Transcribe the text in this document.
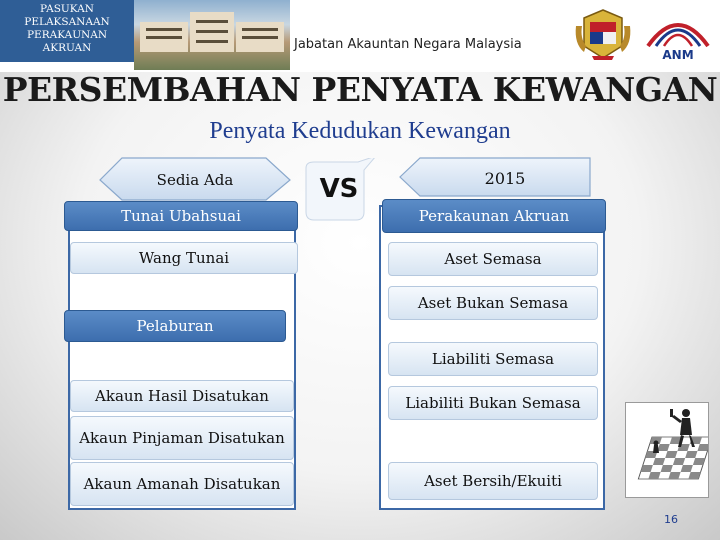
PASUKAN
PELAKSANAAN
PERAKAUNAN
AKRUAN	Jabatan Akauntan Negara Malaysia
ANM
PERSEMBAHAN PENYATA KEWANGAN
Penyata Kedudukan Kewangan
Sedia Ada	2015
VS
Tunai Ubahsuai
Wang Tunai
Pelaburan
Akaun Hasil Disatukan
Akaun Pinjaman Disatukan
Akaun Amanah Disatukan
Perakaunan Akruan
Aset Semasa
Aset Bukan Semasa
Liabiliti Semasa
Liabiliti Bukan Semasa
Aset Bersih/Ekuiti
16
